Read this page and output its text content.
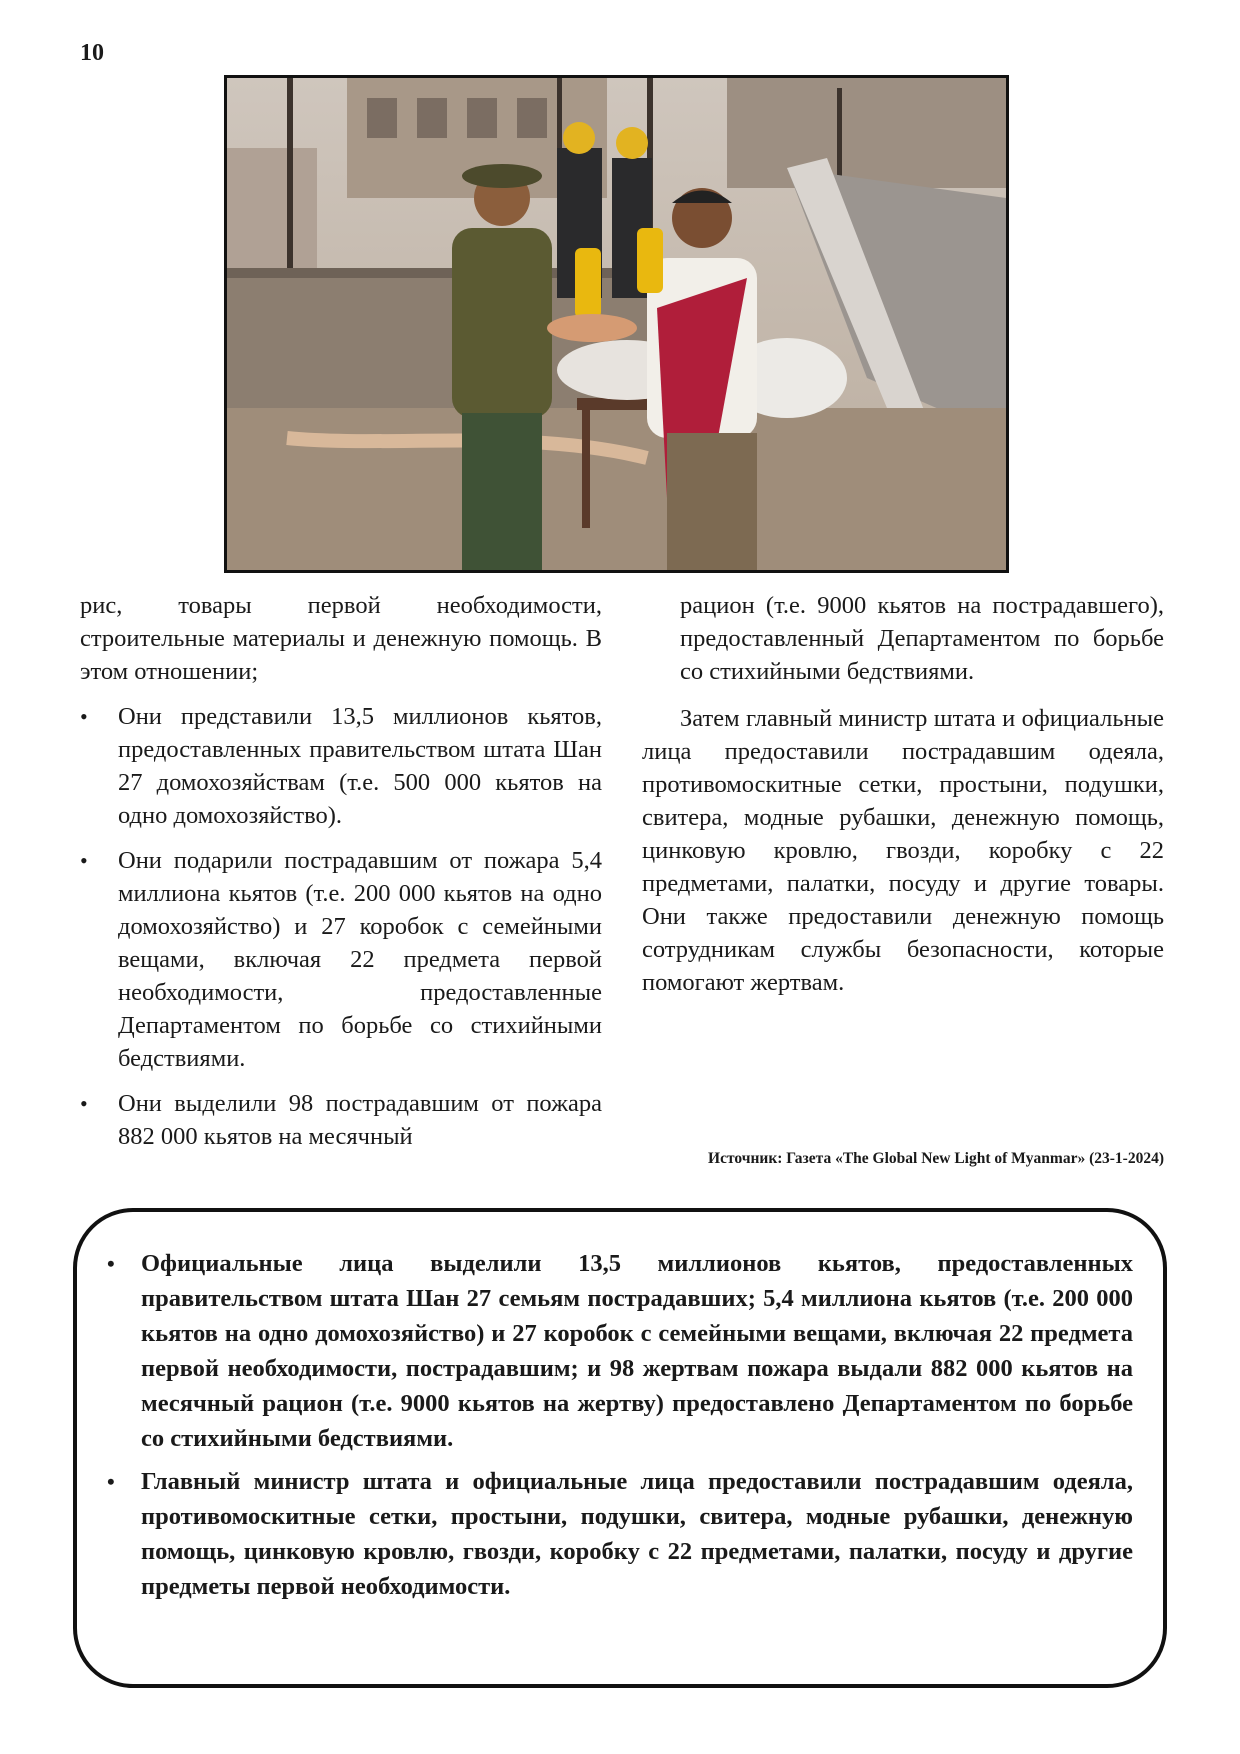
10

рис, товары первой необходимости, строительные материалы и денежную помощь. В этом отношении;

• Они представили 13,5 миллионов кьятов, предоставленных правительством штата Шан 27 домохозяйствам (т.е. 500 000 кьятов на одно домохозяйство).
• Они подарили пострадавшим от пожара 5,4 миллиона кьятов (т.е. 200 000 кьятов на одно домохозяйство) и 27 коробок с семейными вещами, включая 22 предмета первой необходимости, предоставленные Департаментом по борьбе со стихийными бедствиями.
• Они выделили 98 пострадавшим от пожара 882 000 кьятов на месячный

рацион (т.е. 9000 кьятов на пострадавшего), предоставленный Департаментом по борьбе со стихийными бедствиями.

Затем главный министр штата и официальные лица предоставили пострадавшим одеяла, противомоскитные сетки, простыни, подушки, свитера, модные рубашки, денежную помощь, цинковую кровлю, гвозди, коробку с 22 предметами, палатки, посуду и другие товары. Они также предоставили денежную помощь сотрудникам службы безопасности, которые помогают жертвам.

Источник: Газета «The Global New Light of Myanmar» (23-1-2024)
• Официальные лица выделили 13,5 миллионов кьятов, предоставленных правительством штата Шан 27 семьям пострадавших; 5,4 миллиона кьятов (т.е. 200 000 кьятов на одно домохозяйство) и 27 коробок с семейными вещами, включая 22 предмета первой необходимости, пострадавшим; и 98 жертвам пожара выдали 882 000 кьятов на месячный рацион (т.е. 9000 кьятов на жертву) предоставлено Департаментом по борьбе со стихийными бедствиями.
• Главный министр штата и официальные лица предоставили пострадавшим одеяла, противомоскитные сетки, простыни, подушки, свитера, модные рубашки, денежную помощь, цинковую кровлю, гвозди, коробку с 22 предметами, палатки, посуду и другие предметы первой необходимости.
